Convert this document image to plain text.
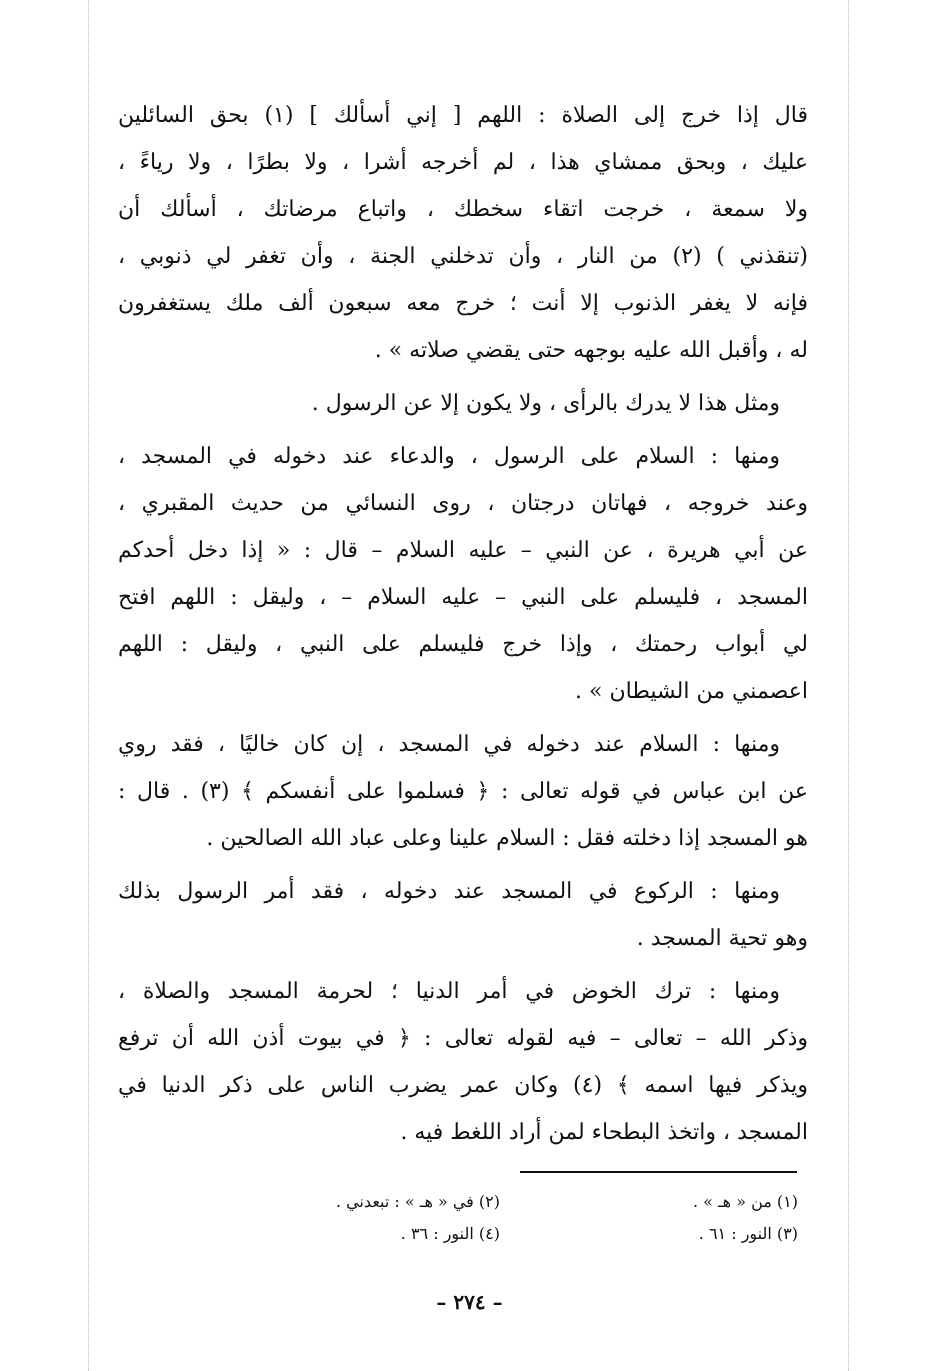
قال إذا خرج إلى الصلاة : اللهم [ إني أسألك ] (١) بحق السائلين
عليك ، وبحق ممشاي هذا ، لم أخرجه أشرا ، ولا بطرًا ، ولا رياءً ،
ولا سمعة ، خرجت اتقاء سخطك ، واتباع مرضاتك ، أسألك أن
(تنقذني ) (٢) من النار ، وأن تدخلني الجنة ، وأن تغفر لي ذنوبي ،
فإنه لا يغفر الذنوب إلا أنت ؛ خرج معه سبعون ألف ملك يستغفرون
له ، وأقبل الله عليه بوجهه حتى يقضي صلاته » .
ومثل هذا لا يدرك بالرأى ، ولا يكون إلا عن الرسول .
ومنها : السلام على الرسول ، والدعاء عند دخوله في المسجد ،
وعند خروجه ، فهاتان درجتان ، روى النسائي من حديث المقبري ،
عن أبي هريرة ، عن النبي – عليه السلام – قال : « إذا دخل أحدكم
المسجد ، فليسلم على النبي – عليه السلام – ، وليقل : اللهم افتح
لي أبواب رحمتك ، وإذا خرج فليسلم على النبي ، وليقل : اللهم
اعصمني من الشيطان » .
ومنها : السلام عند دخوله في المسجد ، إن كان خاليًا ، فقد روي
عن ابن عباس في قوله تعالى : ﴿ فسلموا على أنفسكم ﴾ (٣) . قال :
هو المسجد إذا دخلته فقل : السلام علينا وعلى عباد الله الصالحين .
ومنها : الركوع في المسجد عند دخوله ، فقد أمر الرسول بذلك
وهو تحية المسجد .
ومنها : ترك الخوض في أمر الدنيا ؛ لحرمة المسجد والصلاة ،
وذكر الله – تعالى – فيه لقوله تعالى : ﴿ في بيوت أذن الله أن ترفع
ويذكر فيها اسمه ﴾ (٤) وكان عمر يضرب الناس على ذكر الدنيا في
المسجد ، واتخذ البطحاء لمن أراد اللغط فيه .
(١) من « هـ » .
(٣) النور : ٦١ .
(٢) في « هـ » : تبعدني .
(٤) النور : ٣٦ .
– ٢٧٤ –
